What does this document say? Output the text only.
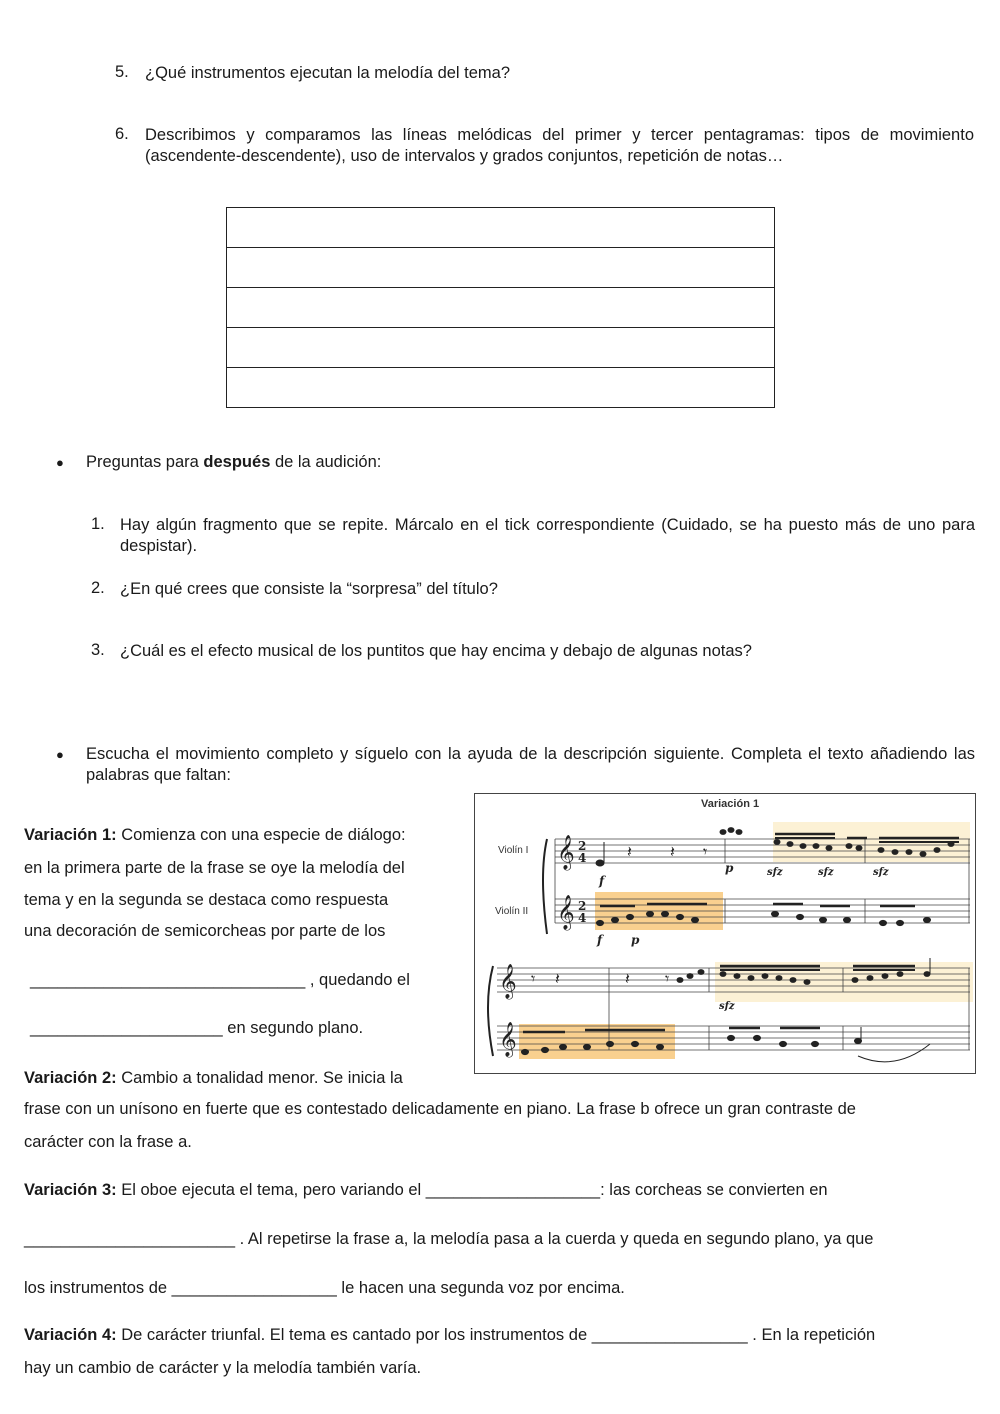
5. ¿Qué instrumentos ejecutan la melodía del tema?
6. Describimos y comparamos las líneas melódicas del primer y tercer pentagramas: tipos de movimiento (ascendente-descendente), uso de intervalos y grados conjuntos, repetición de notas…
● Preguntas para después de la audición:
1. Hay algún fragmento que se repite. Márcalo en el tick correspondiente (Cuidado, se ha puesto más de uno para despistar).
2. ¿En qué crees que consiste la “sorpresa” del título?
3. ¿Cuál es el efecto musical de los puntitos que hay encima y debajo de algunas notas?
● Escucha el movimiento completo y síguelo con la ayuda de la descripción siguiente. Completa el texto añadiendo las palabras que faltan:
Variación 1
Violín I
Violín II
𝄞
𝄞
𝄞
𝄞
2
4
2
4
𝄽 𝄽 𝄾
𝄾 𝄽	𝄽 𝄾
f
p	sfz	sfz	sfz
f p
sfz
Variación 1: Comienza con una especie de diálogo:
en la primera parte de la frase se oye la melodía del
tema y en la segunda se destaca como respuesta
una decoración de semicorcheas por parte de los
______________________________ , quedando el
_____________________ en segundo plano.
Variación 2: Cambio a tonalidad menor. Se inicia la
frase con un unísono en fuerte que es contestado delicadamente en piano. La frase b ofrece un gran contraste de
carácter con la frase a.
Variación 3: El oboe ejecuta el tema, pero variando el ___________________: las corcheas se convierten en
_______________________ . Al repetirse la frase a, la melodía pasa a la cuerda y queda en segundo plano, ya que
los instrumentos de __________________ le hacen una segunda voz por encima.
Variación 4: De carácter triunfal. El tema es cantado por los instrumentos de _________________ . En la repetición
hay un cambio de carácter y la melodía también varía.
